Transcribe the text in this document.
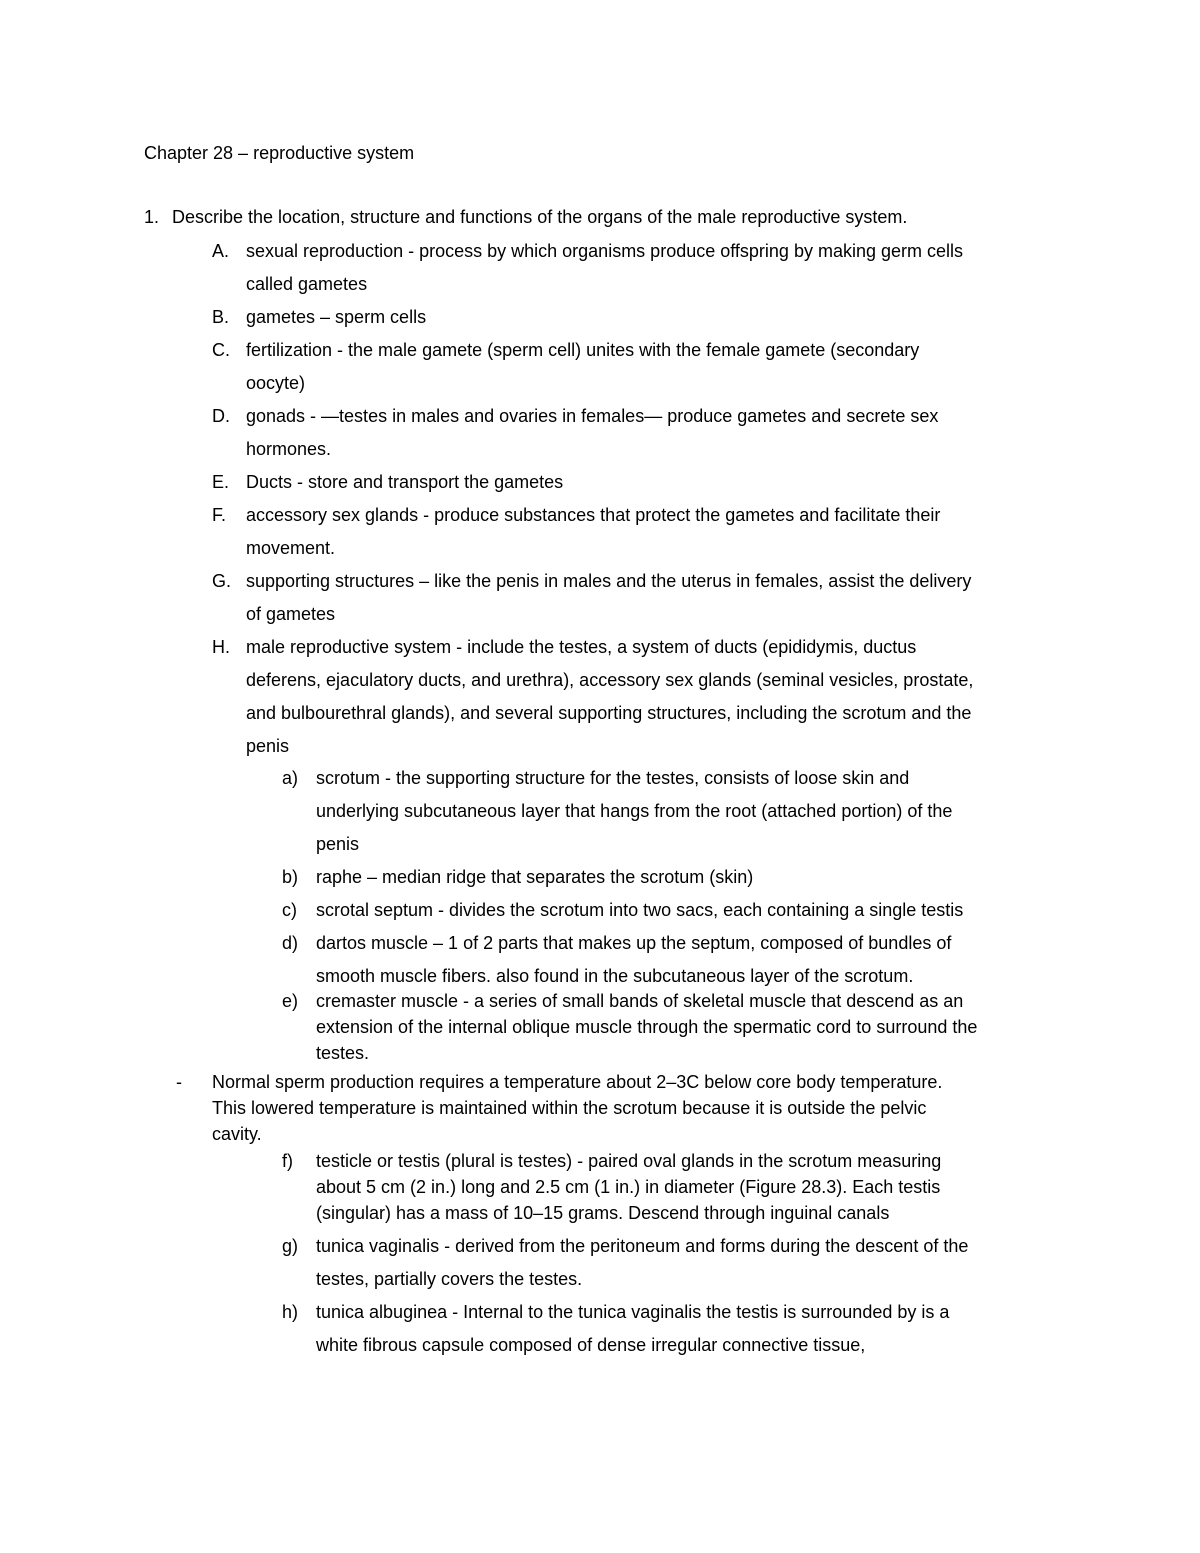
Chapter 28 – reproductive system
1. Describe the location, structure and functions of the organs of the male reproductive system.
A. sexual reproduction - process by which organisms produce offspring by making germ cells
called gametes
B. gametes – sperm cells
C. fertilization - the male gamete (sperm cell) unites with the female gamete (secondary
oocyte)
D. gonads - —testes in males and ovaries in females— produce gametes and secrete sex
hormones.
E. Ducts - store and transport the gametes
F. accessory sex glands - produce substances that protect the gametes and facilitate their
movement.
G. supporting structures – like the penis in males and the uterus in females, assist the delivery
of gametes
H. male reproductive system - include the testes, a system of ducts (epididymis, ductus
deferens, ejaculatory ducts, and urethra), accessory sex glands (seminal vesicles, prostate,
and bulbourethral glands), and several supporting structures, including the scrotum and the
penis
a) scrotum - the supporting structure for the testes, consists of loose skin and
underlying subcutaneous layer that hangs from the root (attached portion) of the
penis
b) raphe – median ridge that separates the scrotum (skin)
c) scrotal septum - divides the scrotum into two sacs, each containing a single testis
d) dartos muscle – 1 of 2 parts that makes up the septum, composed of bundles of
smooth muscle fibers. also found in the subcutaneous layer of the scrotum.
e) cremaster muscle - a series of small bands of skeletal muscle that descend as an
extension of the internal oblique muscle through the spermatic cord to surround the
testes.
- Normal sperm production requires a temperature about 2–3C below core body temperature.
This lowered temperature is maintained within the scrotum because it is outside the pelvic
cavity.
f) testicle or testis (plural is testes) - paired oval glands in the scrotum measuring
about 5 cm (2 in.) long and 2.5 cm (1 in.) in diameter (Figure 28.3). Each testis
(singular) has a mass of 10–15 grams. Descend through inguinal canals
g) tunica vaginalis - derived from the peritoneum and forms during the descent of the
testes, partially covers the testes.
h) tunica albuginea - Internal to the tunica vaginalis the testis is surrounded by is a
white fibrous capsule composed of dense irregular connective tissue,
